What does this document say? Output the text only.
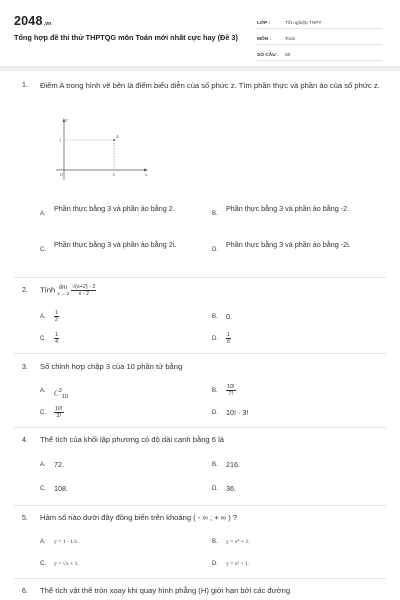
2048.vn
Tổng hợp đề thi thử THPTQG môn Toán mới nhất cực hay (Đề 3)
LỚP :	Tốt nghiệp THPT
MÔN :	Toán
SỐ CÂU :	50
1. Điểm A trong hình vẽ bên là điểm biểu diễn của số phức z. Tìm phần thực và phần ảo của số phức z.
A
y
x
O	3
2
A.
Phần thực bằng 3 và phần ảo bằng 2.
B.
Phần thực bằng 3 và phần ảo bằng -2.
C.
Phần thực bằng 3 và phần ảo bằng 2i.
D.
Phần thực bằng 3 và phần ảo bằng -2i.
2. Tính lim
x → 2
$\frac{√(x+2) - 2}{x - 2}$
A. $\frac{1}{2}$	B. 0.
C. $\frac{1}{4}$	D. $\frac{1}{6}$
3. Số chỉnh hợp chập 3 của 10 phần tử bằng
A. $C^3_{10}$
B. $\frac{10!}{7!}$
C. $\frac{10!}{3!}$	D. 10! · 3!
4. Thể tích của khối lập phương có độ dài cạnh bằng 6 là
A. 72.	B. 216.
C. 108.	D. 36.
5. Hàm số nào dưới đây đồng biến trên khoảng ( - ∞ ; + ∞ ) ?
A. y = 1 - 1/x .	B. y = x⁴ + 1.
C. y = √x + 1.	D. y = x³ + 1.
6. Thể tích vật thể tròn xoay khi quay hình phẳng (H) giới hạn bởi các đường
